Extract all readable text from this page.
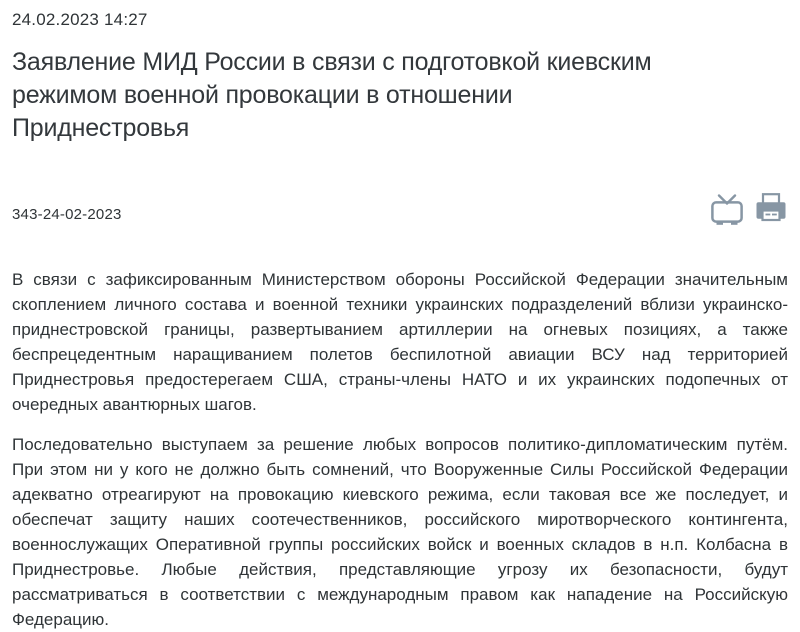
24.02.2023 14:27
Заявление МИД России в связи с подготовкой киевским
режимом военной провокации в отношении
Приднестровья
343-24-02-2023

В связи с зафиксированным Министерством обороны Российской Федерации значительным скоплением личного состава и военной техники украинских подразделений вблизи украинско-приднестровской границы, развертыванием артиллерии на огневых позициях, а также беспрецедентным наращиванием полетов беспилотной авиации ВСУ над территорией Приднестровья предостерегаем США, страны-члены НАТО и их украинских подопечных от очередных авантюрных шагов.

Последовательно выступаем за решение любых вопросов политико-дипломатическим путём. При этом ни у кого не должно быть сомнений, что Вооруженные Силы Российской Федерации адекватно отреагируют на провокацию киевского режима, если таковая все же последует, и обеспечат защиту наших соотечественников, российского миротворческого контингента, военнослужащих Оперативной группы российских войск и военных складов в н.п. Колбасна в Приднестровье. Любые действия, представляющие угрозу их безопасности, будут рассматриваться в соответствии с международным правом как нападение на Российскую Федерацию.
